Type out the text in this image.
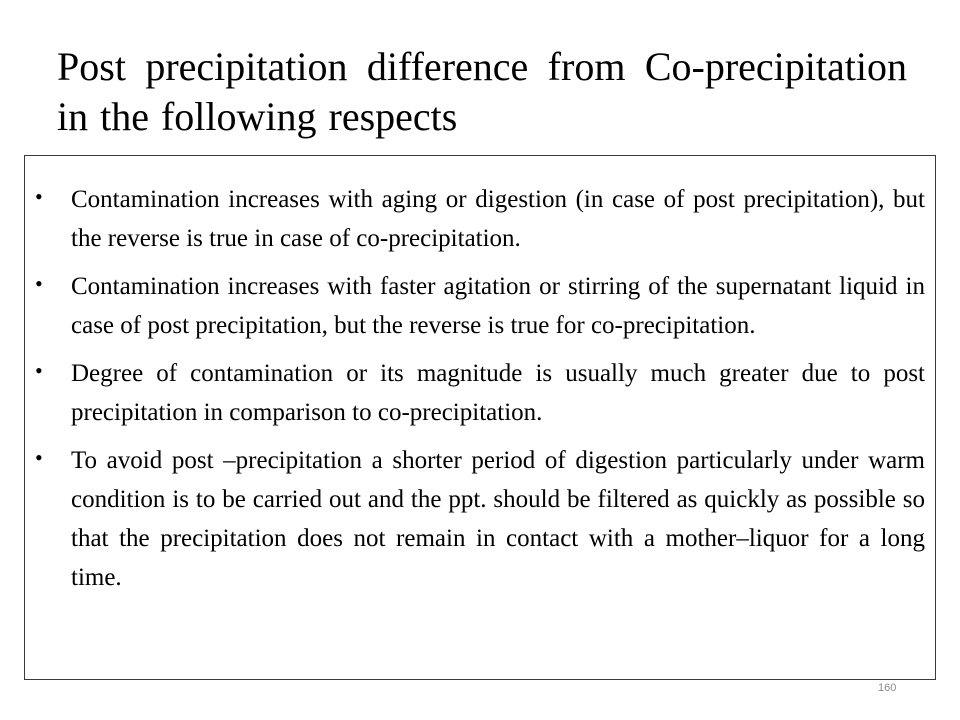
Post precipitation difference from Co-precipitation in the following respects
• Contamination increases with aging or digestion (in case of post precipitation), but the reverse is true in case of co-precipitation.
• Contamination increases with faster agitation or stirring of the supernatant liquid in case of post precipitation, but the reverse is true for co-precipitation.
• Degree of contamination or its magnitude is usually much greater due to post precipitation in comparison to co-precipitation.
• To avoid post –precipitation a shorter period of digestion particularly under warm condition is to be carried out and the ppt. should be filtered as quickly as possible so that the precipitation does not remain in contact with a mother–liquor for a long time.
160
